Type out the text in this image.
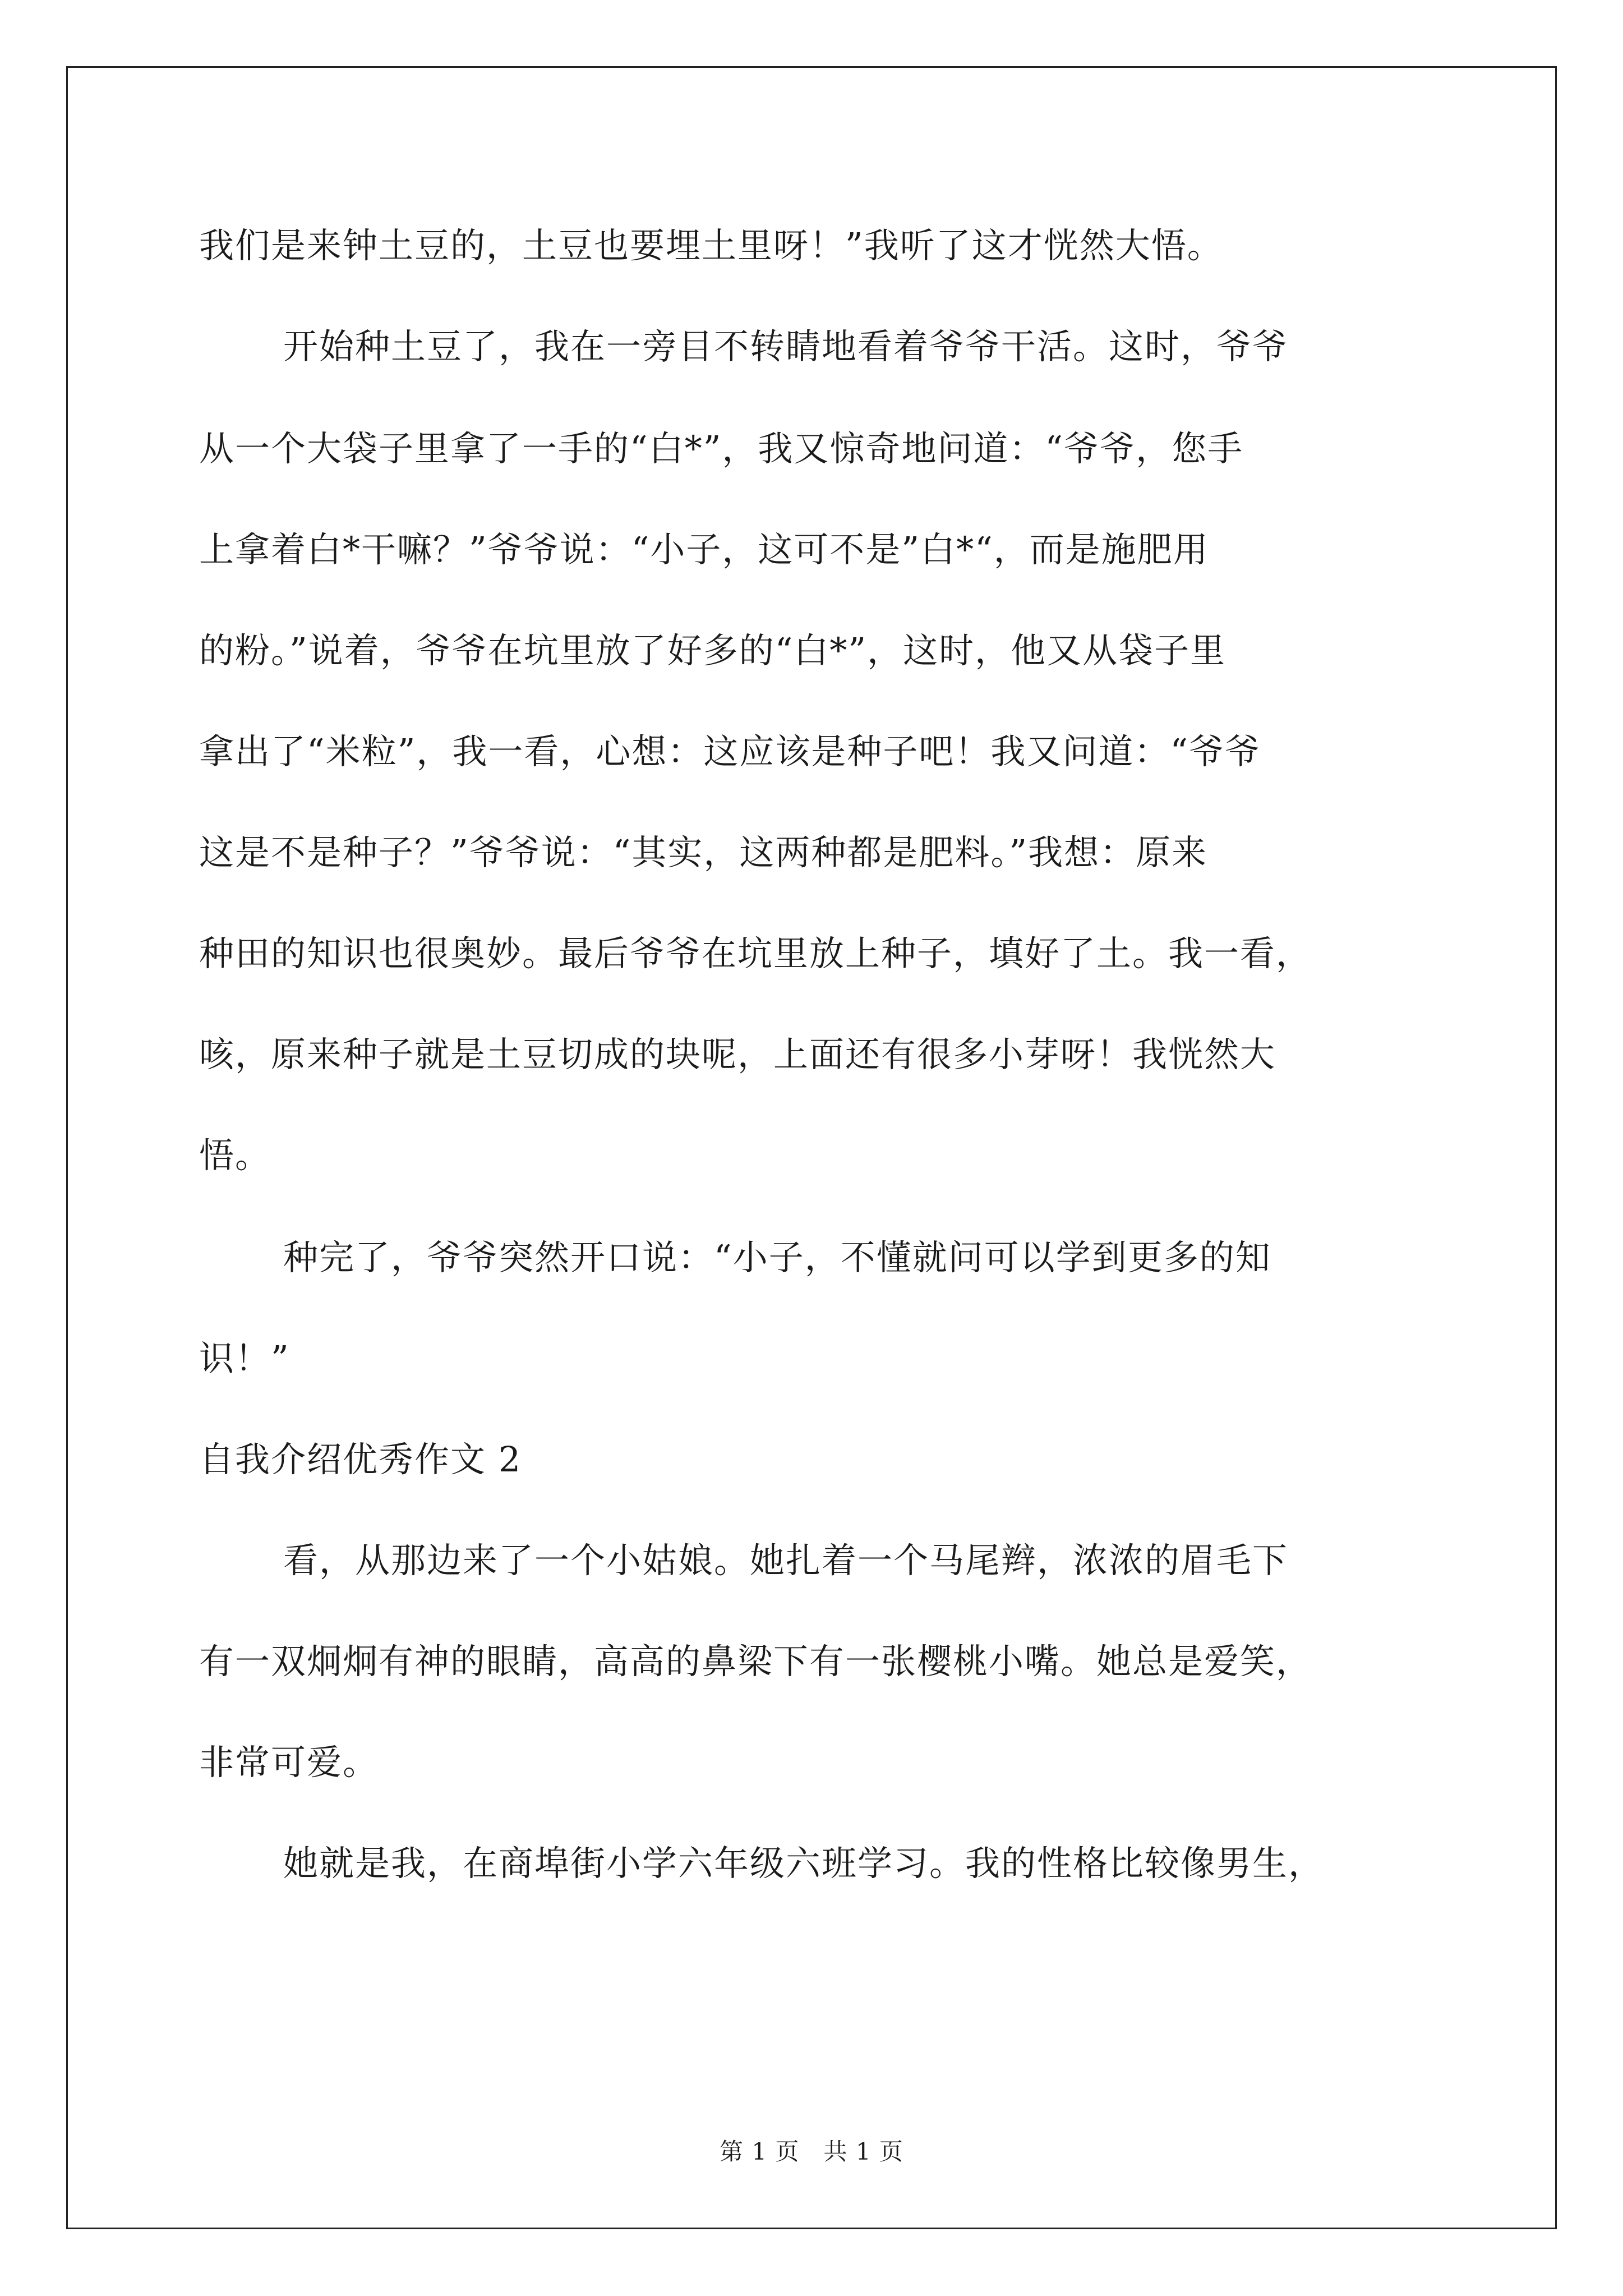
我们是来钟土豆的，土豆也要埋土里呀！”我听了这才恍然大悟。
开始种土豆了，我在一旁目不转睛地看着爷爷干活。这时，爷爷
从一个大袋子里拿了一手的“白*”，我又惊奇地问道：“爷爷，您手
上拿着白*干嘛？”爷爷说：“小子，这可不是”白*“，而是施肥用
的粉。”说着，爷爷在坑里放了好多的“白*”，这时，他又从袋子里
拿出了“米粒”，我一看，心想：这应该是种子吧！我又问道：“爷爷
这是不是种子？”爷爷说：“其实，这两种都是肥料。”我想：原来
种田的知识也很奥妙。最后爷爷在坑里放上种子，填好了土。我一看，
咳，原来种子就是土豆切成的块呢，上面还有很多小芽呀！我恍然大
悟。
种完了，爷爷突然开口说：“小子，不懂就问可以学到更多的知
识！”
自我介绍优秀作文 2
看，从那边来了一个小姑娘。她扎着一个马尾辫，浓浓的眉毛下
有一双炯炯有神的眼睛，高高的鼻梁下有一张樱桃小嘴。她总是爱笑，
非常可爱。
她就是我，在商埠街小学六年级六班学习。我的性格比较像男生，
第 1 页   共 1 页
